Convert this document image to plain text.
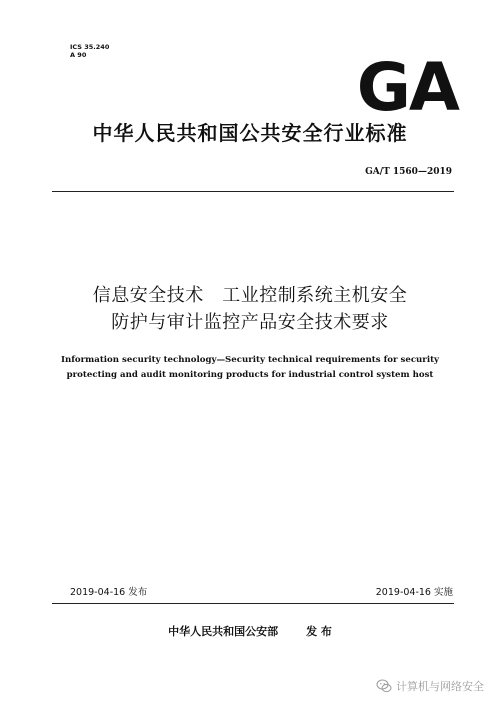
ICS 35.240
A 90	GA
中华人民共和国公共安全行业标准
GA/T 1560—2019
信息安全技术　工业控制系统主机安全
防护与审计监控产品安全技术要求
Information security technology—Security technical requirements for security
protecting and audit monitoring products for industrial control system host
2019-04-16 发布	2019-04-16 实施
中华人民共和国公安部	发 布
计算机与网络安全
